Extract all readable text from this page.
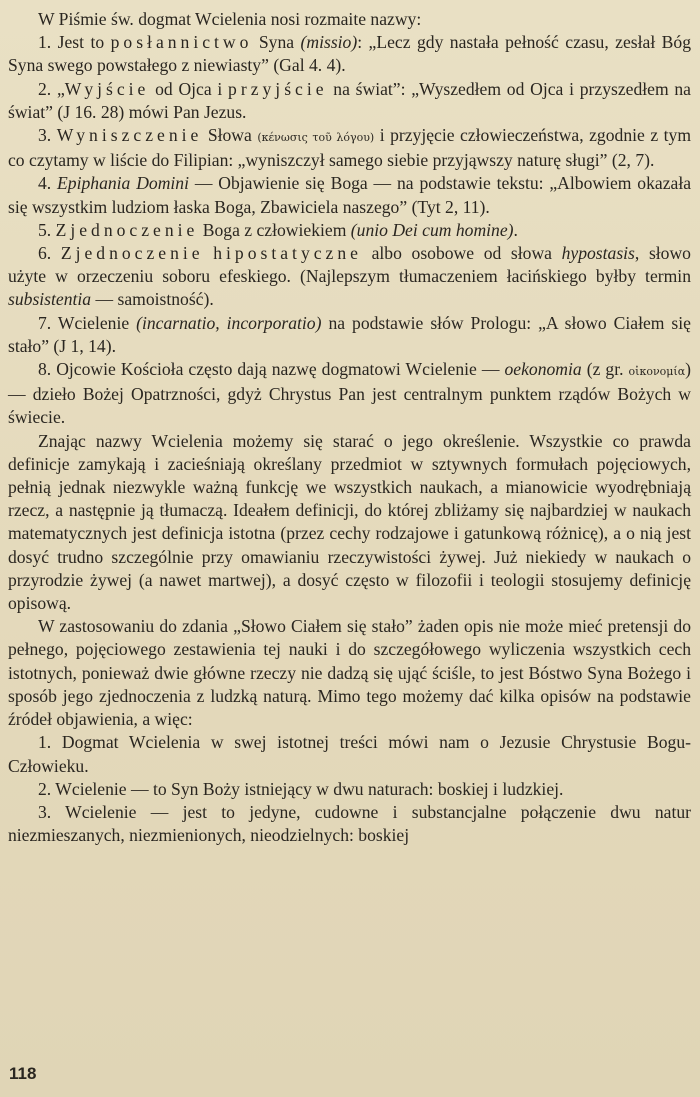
W Piśmie św. dogmat Wcielenia nosi rozmaite nazwy:

1. Jest to posłannictwo Syna (missio): „Lecz gdy nastała pełność czasu, zesłał Bóg Syna swego powstałego z niewiasty” (Gal 4. 4).

2. „Wyjście od Ojca i przyjście na świat”: „Wyszedłem od Ojca i przyszedłem na świat” (J 16. 28) mówi Pan Jezus.

3. Wyniszczenie Słowa (κένωσις τοῦ λόγου) i przyjęcie człowieczeństwa, zgodnie z tym co czytamy w liście do Filipian: „wyniszczył samego siebie przyjąwszy naturę sługi” (2, 7).

4. Epiphania Domini — Objawienie się Boga — na podstawie tekstu: „Albowiem okazała się wszystkim ludziom łaska Boga, Zbawiciela naszego” (Tyt 2, 11).

5. Zjednoczenie Boga z człowiekiem (unio Dei cum homine).

6. Zjednoczenie hipostatyczne albo osobowe od słowa hypostasis, słowo użyte w orzeczeniu soboru efeskiego. (Najlepszym tłumaczeniem łacińskiego byłby termin subsistentia — samoistność).

7. Wcielenie (incarnatio, incorporatio) na podstawie słów Prologu: „A słowo Ciałem się stało” (J 1, 14).

8. Ojcowie Kościoła często dają nazwę dogmatowi Wcielenie — oekonomia (z gr. οἰκονομία) — dzieło Bożej Opatrzności, gdyż Chrystus Pan jest centralnym punktem rządów Bożych w świecie.

Znając nazwy Wcielenia możemy się starać o jego określenie. Wszystkie co prawda definicje zamykają i zacieśniają określany przedmiot w sztywnych formułach pojęciowych, pełnią jednak niezwykle ważną funkcję we wszystkich naukach, a mianowicie wyodrębniają rzecz, a następnie ją tłumaczą. Ideałem definicji, do której zbliżamy się najbardziej w naukach matematycznych jest definicja istotna (przez cechy rodzajowe i gatunkową różnicę), a o nią jest dosyć trudno szczególnie przy omawianiu rzeczywistości żywej. Już niekiedy w naukach o przyrodzie żywej (a nawet martwej), a dosyć często w filozofii i teologii stosujemy definicję opisową.

W zastosowaniu do zdania „Słowo Ciałem się stało” żaden opis nie może mieć pretensji do pełnego, pojęciowego zestawienia tej nauki i do szczegółowego wyliczenia wszystkich cech istotnych, ponieważ dwie główne rzeczy nie dadzą się ująć ściśle, to jest Bóstwo Syna Bożego i sposób jego zjednoczenia z ludzką naturą. Mimo tego możemy dać kilka opisów na podstawie źródeł objawienia, a więc:

1. Dogmat Wcielenia w swej istotnej treści mówi nam o Jezusie Chrystusie Bogu-Człowieku.

2. Wcielenie — to Syn Boży istniejący w dwu naturach: boskiej i ludzkiej.

3. Wcielenie — jest to jedyne, cudowne i substancjalne połączenie dwu natur niezmieszanych, niezmienionych, nieodzielnych: boskiej

118
